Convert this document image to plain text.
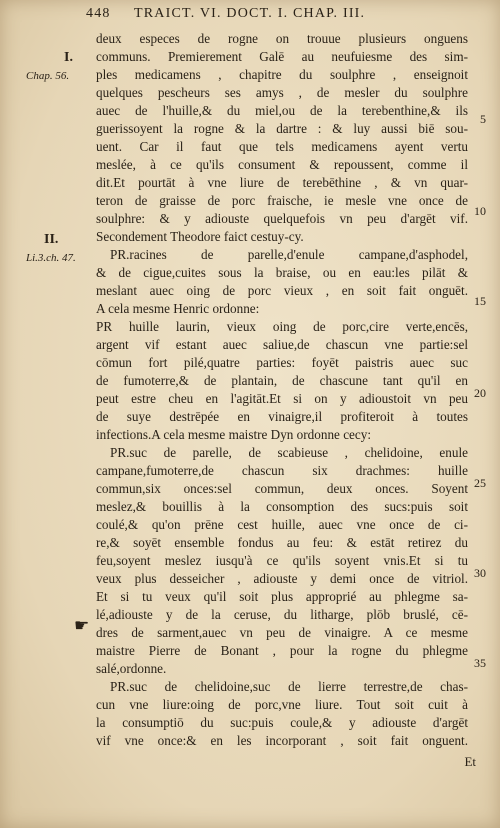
448 TRAICT. VI. DOCT. I. CHAP. III.
I.
Chap. 56.
II.
Li.3.ch. 47.
☛
5
10
15
20
25
30
35
deux especes de rogne on trouue plusieurs onguens
communs. Premierement Galē au neufuiesme des sim-
ples medicamens , chapitre du soulphre , enseignoit
quelques pescheurs ses amys , de mesler du soulphre
auec de l'huille,& du miel,ou de la terebenthine,& ils
guerissoyent la rogne & la dartre : & luy aussi biē sou-
uent. Car il faut que tels medicamens ayent vertu
meslée, à ce qu'ils consument & repoussent, comme il
dit.Et pourtāt à vne liure de terebēthine , & vn quar-
teron de graisse de porc fraische, ie mesle vne once de
soulphre: & y adiouste quelquefois vn peu d'argēt vif.
Secondement Theodore faict cestuy-cy.
PR.racines de parelle,d'enule campane,d'asphodel,
& de cigue,cuites sous la braise, ou en eau:les pilāt &
meslant auec oing de porc vieux , en soit fait onguēt.
A cela mesme Henric ordonne:
PR huille laurin, vieux oing de porc,cire verte,encēs,
argent vif estant auec saliue,de chascun vne partie:sel
cōmun fort pilé,quatre parties: foyēt paistris auec suc
de fumoterre,& de plantain, de chascune tant qu'il en
peut estre cheu en l'agitāt.Et si on y adioustoit vn peu
de suye destrēpée en vinaigre,il profiteroit à toutes
infections.A cela mesme maistre Dyn ordonne cecy:
PR.suc de parelle, de scabieuse , chelidoine, enule
campane,fumoterre,de chascun six drachmes: huille
commun,six onces:sel commun, deux onces. Soyent
meslez,& bouillis à la consomption des sucs:puis soit
coulé,& qu'on prēne cest huille, auec vne once de ci-
re,& soyēt ensemble fondus au feu: & estāt retirez du
feu,soyent meslez iusqu'à ce qu'ils soyent vnis.Et si tu
veux plus desseicher , adiouste y demi once de vitriol.
Et si tu veux qu'il soit plus approprié au phlegme sa-
lé,adiouste y de la ceruse, du litharge, plōb bruslé, cē-
dres de sarment,auec vn peu de vinaigre. A ce mesme
maistre Pierre de Bonant , pour la rogne du phlegme
salé,ordonne.
PR.suc de chelidoine,suc de lierre terrestre,de chas-
cun vne liure:oing de porc,vne liure. Tout soit cuit à
la consumptiō du suc:puis coule,& y adiouste d'argēt
vif vne once:& en les incorporant , soit fait onguent.
Et
